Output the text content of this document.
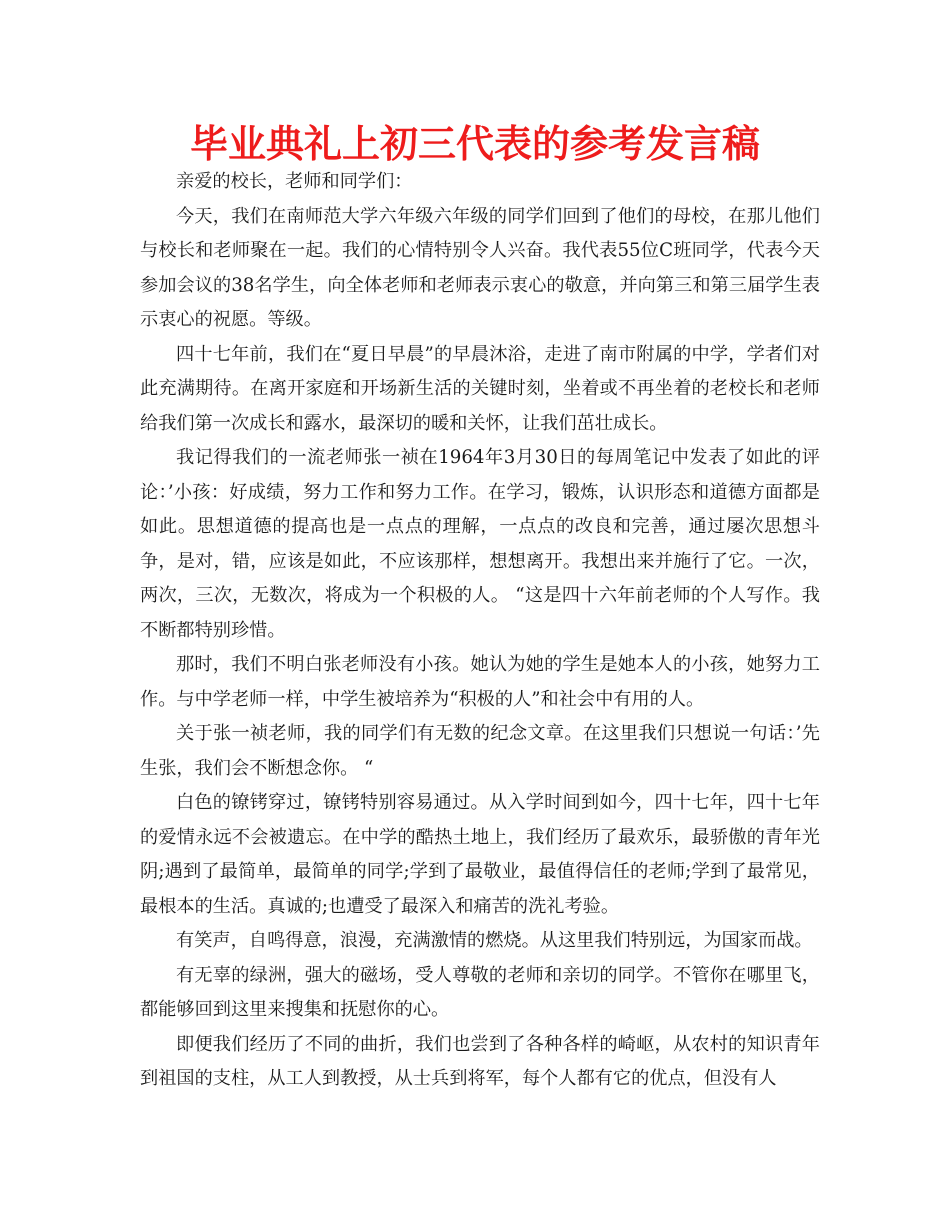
毕业典礼上初三代表的参考发言稿

亲爱的校长，老师和同学们：

今天，我们在南师范大学六年级六年级的同学们回到了他们的母校，在那儿他们与校长和老师聚在一起。我们的心情特别令人兴奋。我代表55位C班同学，代表今天参加会议的38名学生，向全体老师和老师表示衷心的敬意，并向第三和第三届学生表示衷心的祝愿。等级。

四十七年前，我们在“夏日早晨”的早晨沐浴，走进了南市附属的中学，学者们对此充满期待。在离开家庭和开场新生活的关键时刻，坐着或不再坐着的老校长和老师给我们第一次成长和露水，最深切的暖和关怀，让我们茁壮成长。

我记得我们的一流老师张一祯在1964年3月30日的每周笔记中发表了如此的评论：’小孩：好成绩，努力工作和努力工作。在学习，锻炼，认识形态和道德方面都是如此。思想道德的提高也是一点点的理解，一点点的改良和完善，通过屡次思想斗争，是对，错，应该是如此，不应该那样，想想离开。我想出来并施行了它。一次，两次，三次，无数次，将成为一个积极的人。 “这是四十六年前老师的个人写作。我不断都特别珍惜。

那时，我们不明白张老师没有小孩。她认为她的学生是她本人的小孩，她努力工作。与中学老师一样，中学生被培养为“积极的人”和社会中有用的人。

关于张一祯老师，我的同学们有无数的纪念文章。在这里我们只想说一句话：’先生张，我们会不断想念你。 “

白色的镣铐穿过，镣铐特别容易通过。从入学时间到如今，四十七年，四十七年的爱情永远不会被遗忘。在中学的酷热土地上，我们经历了最欢乐，最骄傲的青年光阴;遇到了最简单，最简单的同学;学到了最敬业，最值得信任的老师;学到了最常见，最根本的生活。真诚的;也遭受了最深入和痛苦的洗礼考验。

有笑声，自鸣得意，浪漫，充满激情的燃烧。从这里我们特别远，为国家而战。

有无辜的绿洲，强大的磁场，受人尊敬的老师和亲切的同学。不管你在哪里飞，都能够回到这里来搜集和抚慰你的心。

即便我们经历了不同的曲折，我们也尝到了各种各样的崎岖，从农村的知识青年到祖国的支柱，从工人到教授，从士兵到将军，每个人都有它的优点，但没有人
